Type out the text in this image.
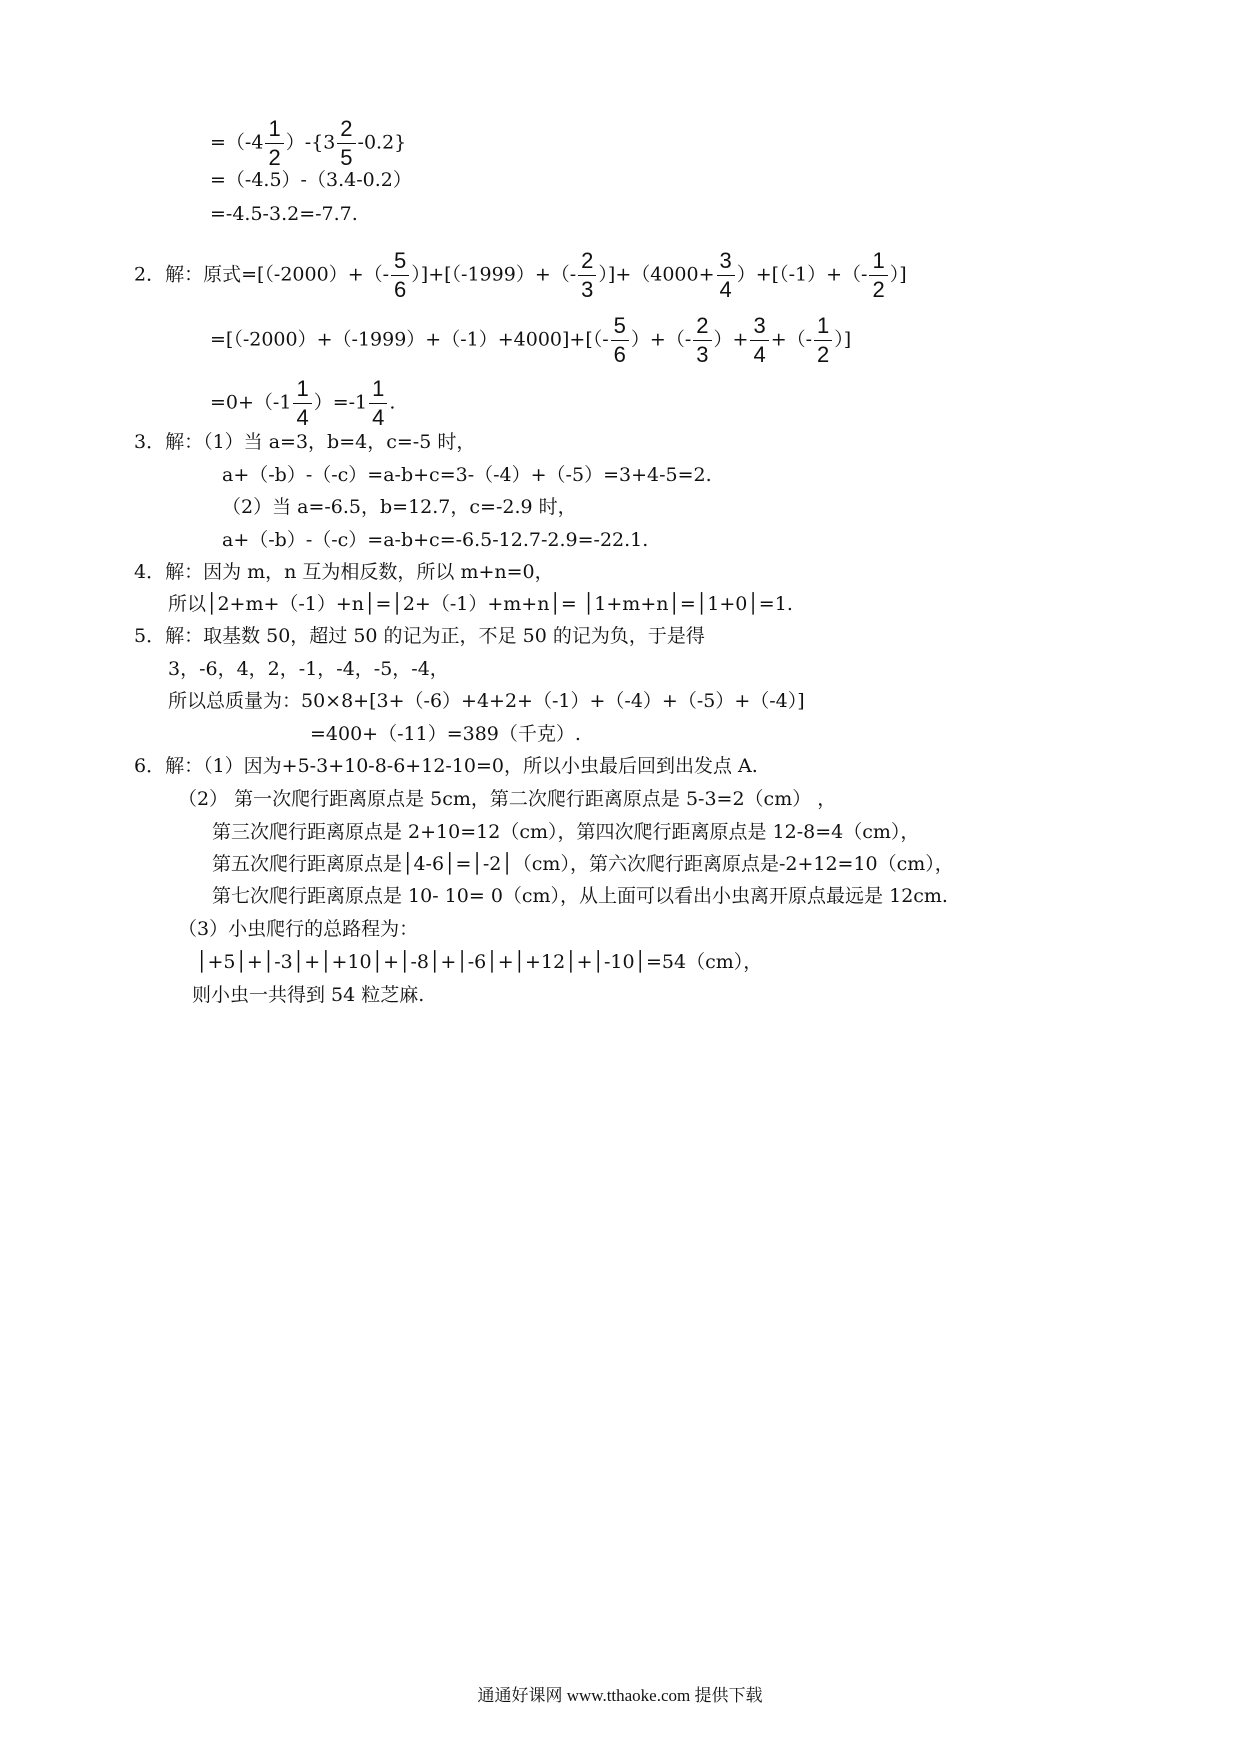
$=(-4 \frac{1}{2} )-\{3 \frac{2}{5} -0.2\}$
=（-4.5）-（3.4-0.2）
=-4.5-3.2=-7.7.
2．解：原式$=[(-2000)+(- \frac{5}{6} )]+[(-1999)+(- \frac{2}{3} )]+(4000+ \frac{3}{4} )+[(-1)+(- \frac{1}{2}$ ）]
$=[(-2000)+(-1999)+(-1)+4000]+[(- \frac{5}{6}$ ）+（- $\frac{2}{3}$ ）+ $\frac{3}{4}$ +（- $\frac{1}{2}$ ）]
$=0+(-1 \frac{1}{4} )=-1 \frac{1}{4}$ .
3．解：（1）当 a=3，b=4，c=-5 时，
a+（-b）-（-c）=a-b+c=3-（-4）+（-5）=3+4-5=2.
（2）当 a=-6.5，b=12.7，c=-2.9 时，
a+（-b）-（-c）=a-b+c=-6.5-12.7-2.9=-22.1.
4．解：因为 m，n 互为相反数，所以 m+n=0，
所以│2+m+（-1）+n│=│2+（-1）+m+n│= │1+m+n│=│1+0│=1.
5．解：取基数 50，超过 50 的记为正，不足 50 的记为负，于是得
3，-6，4，2，-1，-4，-5，-4，
所以总质量为：50×8+[3+（-6）+4+2+（-1）+（-4）+（-5）+（-4）]
=400+（-11）=389（千克）.
6．解：（1）因为+5-3+10-8-6+12-10=0，所以小虫最后回到出发点 A.
（2） 第一次爬行距离原点是 5cm，第二次爬行距离原点是 5-3=2（cm） ，
第三次爬行距离原点是 2+10=12（cm），第四次爬行距离原点是 12-8=4（cm），
第五次爬行距离原点是│4-6│=│-2│（cm），第六次爬行距离原点是-2+12=10（cm），
第七次爬行距离原点是 10- 10= 0（cm），从上面可以看出小虫离开原点最远是 12cm.
（3）小虫爬行的总路程为：
│+5│+│-3│+│+10│+│-8│+│-6│+│+12│+│-10│=54（cm），
则小虫一共得到 54 粒芝麻.
通通好课网 www.tthaoke.com 提供下载
